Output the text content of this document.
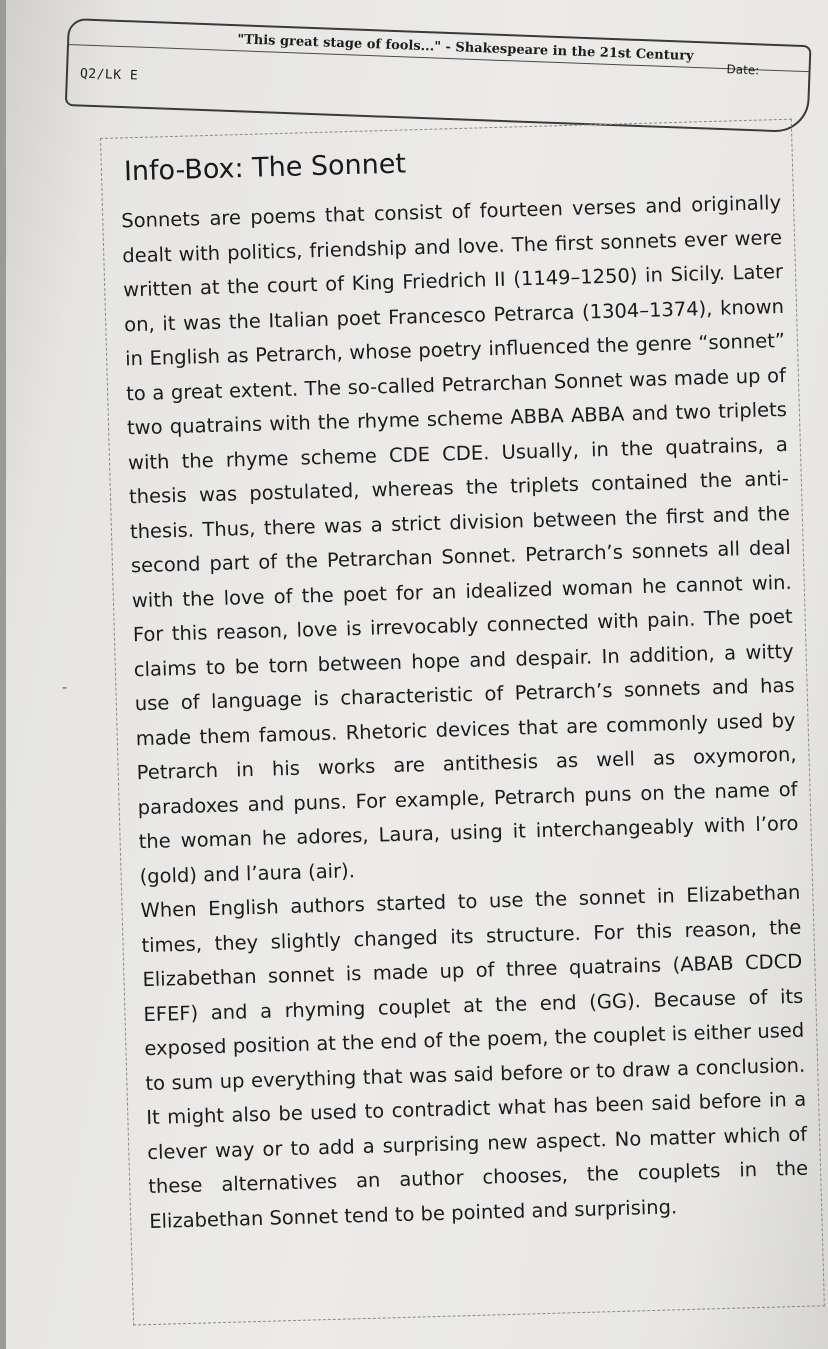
"This great stage of fools..." - Shakespeare in the 21st Century
Date:
Q2/LK E
-
Info-Box: The Sonnet

Sonnets are poems that consist of fourteen verses and originally dealt with politics, friendship and love. The first sonnets ever were written at the court of King Friedrich II (1149–1250) in Sicily. Later on, it was the Italian poet Francesco Petrarca (1304–1374), known in English as Petrarch, whose poetry influenced the genre “sonnet” to a great extent. The so-called Petrarchan Sonnet was made up of two quatrains with the rhyme scheme ABBA ABBA and two triplets with the rhyme scheme CDE CDE. Usually, in the quatrains, a thesis was postulated, whereas the triplets contained the anti-thesis. Thus, there was a strict division between the first and the second part of the Petrarchan Sonnet. Petrarch’s sonnets all deal with the love of the poet for an idealized woman he cannot win. For this reason, love is irrevocably connected with pain. The poet claims to be torn between hope and despair. In addition, a witty use of language is characteristic of Petrarch’s sonnets and has made them famous. Rhetoric devices that are commonly used by Petrarch in his works are antithesis as well as oxymoron, paradoxes and puns. For example, Petrarch puns on the name of the woman he adores, Laura, using it interchangeably with l’oro (gold) and l’aura (air).

When English authors started to use the sonnet in Elizabethan times, they slightly changed its structure. For this reason, the Elizabethan sonnet is made up of three quatrains (ABAB CDCD EFEF) and a rhyming couplet at the end (GG). Because of its exposed position at the end of the poem, the couplet is either used to sum up everything that was said before or to draw a conclusion. It might also be used to contradict what has been said before in a clever way or to add a surprising new aspect. No matter which of these alternatives an author chooses, the couplets in the Elizabethan Sonnet tend to be pointed and surprising.
